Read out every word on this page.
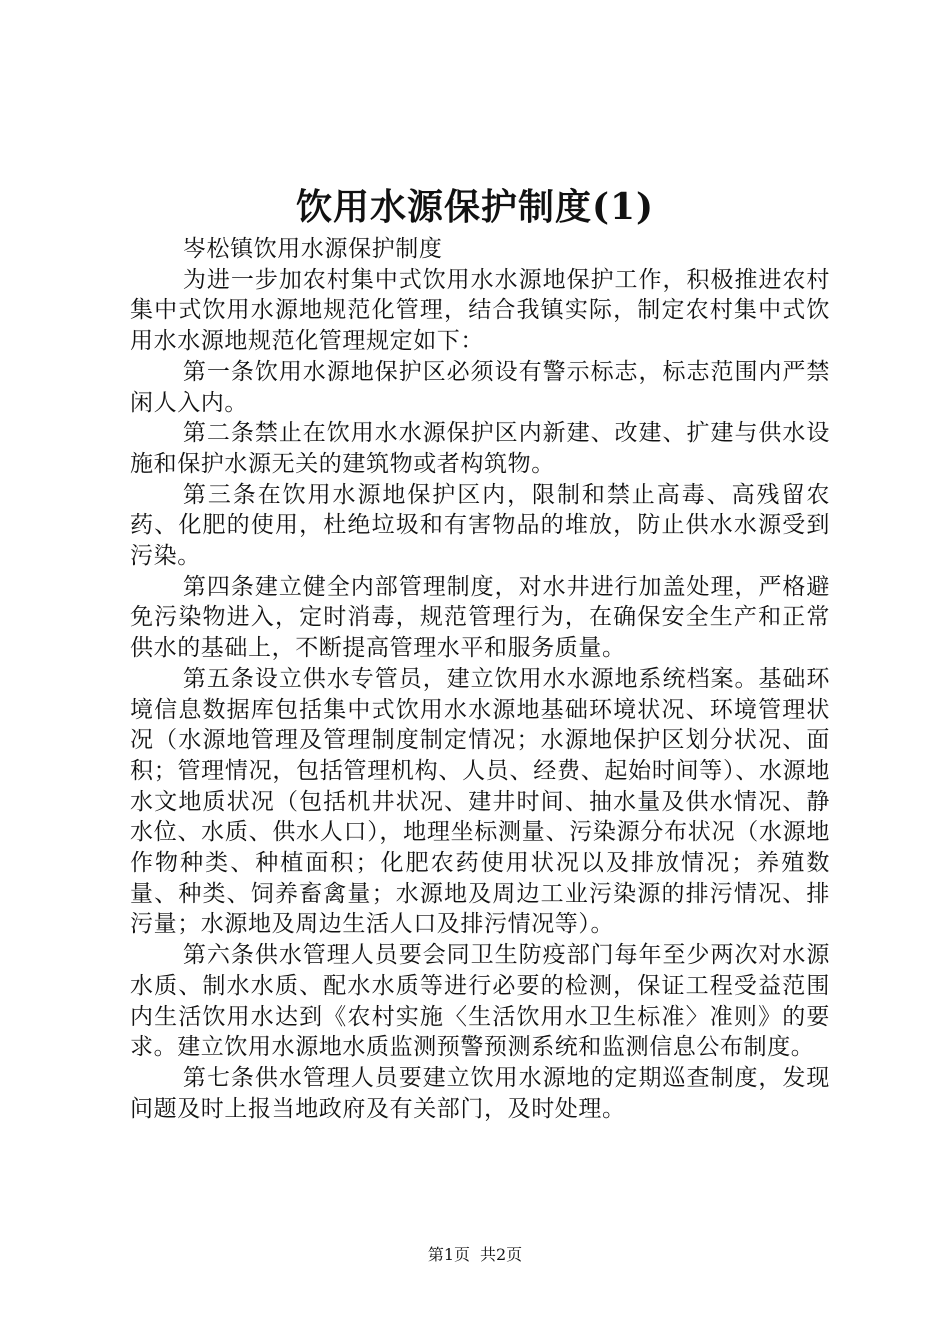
饮用水源保护制度(1)

岑松镇饮用水源保护制度

为进一步加农村集中式饮用水水源地保护工作，积极推进农村集中式饮用水源地规范化管理，结合我镇实际，制定农村集中式饮用水水源地规范化管理规定如下：

第一条饮用水源地保护区必须设有警示标志，标志范围内严禁闲人入内。

第二条禁止在饮用水水源保护区内新建、改建、扩建与供水设施和保护水源无关的建筑物或者构筑物。

第三条在饮用水源地保护区内，限制和禁止高毒、高残留农药、化肥的使用，杜绝垃圾和有害物品的堆放，防止供水水源受到污染。

第四条建立健全内部管理制度，对水井进行加盖处理，严格避免污染物进入，定时消毒，规范管理行为，在确保安全生产和正常供水的基础上，不断提高管理水平和服务质量。

第五条设立供水专管员，建立饮用水水源地系统档案。基础环境信息数据库包括集中式饮用水水源地基础环境状况、环境管理状况（水源地管理及管理制度制定情况；水源地保护区划分状况、面积；管理情况，包括管理机构、人员、经费、起始时间等）、水源地水文地质状况（包括机井状况、建井时间、抽水量及供水情况、静水位、水质、供水人口），地理坐标测量、污染源分布状况（水源地作物种类、种植面积；化肥农药使用状况以及排放情况；养殖数量、种类、饲养畜禽量；水源地及周边工业污染源的排污情况、排污量；水源地及周边生活人口及排污情况等）。

第六条供水管理人员要会同卫生防疫部门每年至少两次对水源水质、制水水质、配水水质等进行必要的检测，保证工程受益范围内生活饮用水达到《农村实施〈生活饮用水卫生标准〉准则》的要求。建立饮用水源地水质监测预警预测系统和监测信息公布制度。

第七条供水管理人员要建立饮用水源地的定期巡查制度，发现问题及时上报当地政府及有关部门，及时处理。

第1页 共2页
